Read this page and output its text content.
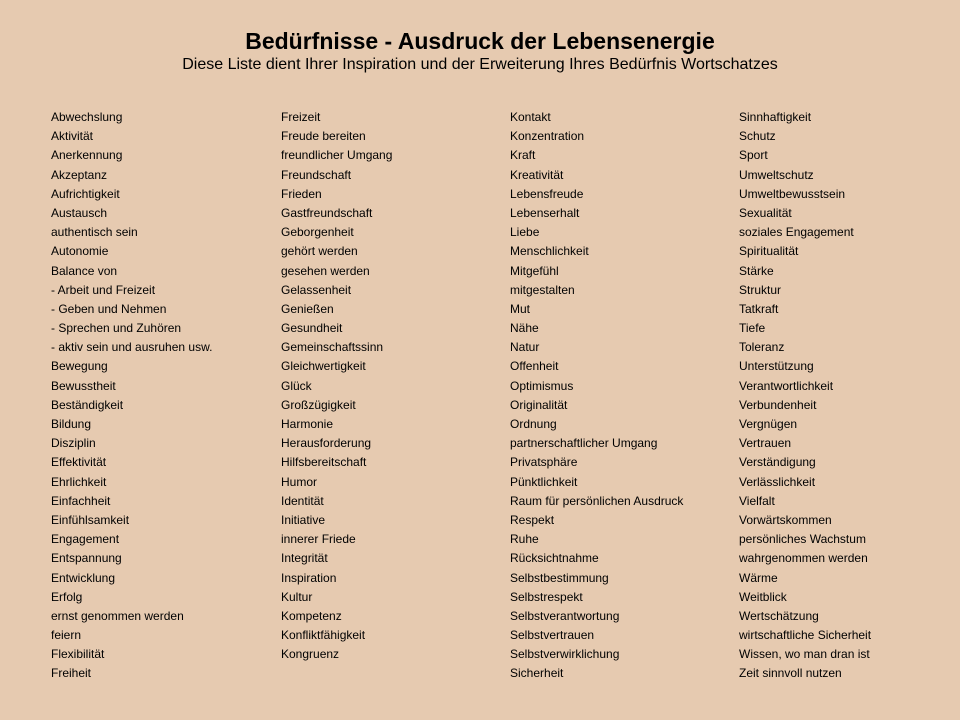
Bedürfnisse - Ausdruck der Lebensenergie

Diese Liste dient Ihrer Inspiration und der Erweiterung Ihres Bedürfnis Wortschatzes

Abwechslung
Aktivität
Anerkennung
Akzeptanz
Aufrichtigkeit
Austausch
authentisch sein
Autonomie
Balance von
- Arbeit und Freizeit
- Geben und Nehmen
- Sprechen und Zuhören
- aktiv sein und ausruhen usw.
Bewegung
Bewusstheit
Beständigkeit
Bildung
Disziplin
Effektivität
Ehrlichkeit
Einfachheit
Einfühlsamkeit
Engagement
Entspannung
Entwicklung
Erfolg
ernst genommen werden
feiern
Flexibilität
Freiheit
Freizeit
Freude bereiten
freundlicher Umgang
Freundschaft
Frieden
Gastfreundschaft
Geborgenheit
gehört werden
gesehen werden
Gelassenheit
Genießen
Gesundheit
Gemeinschaftssinn
Gleichwertigkeit
Glück
Großzügigkeit
Harmonie
Herausforderung
Hilfsbereitschaft
Humor
Identität
Initiative
innerer Friede
Integrität
Inspiration
Kultur
Kompetenz
Konfliktfähigkeit
Kongruenz
Kontakt
Konzentration
Kraft
Kreativität
Lebensfreude
Lebenserhalt
Liebe
Menschlichkeit
Mitgefühl
mitgestalten
Mut
Nähe
Natur
Offenheit
Optimismus
Originalität
Ordnung
partnerschaftlicher Umgang
Privatsphäre
Pünktlichkeit
Raum für persönlichen Ausdruck
Respekt
Ruhe
Rücksichtnahme
Selbstbestimmung
Selbstrespekt
Selbstverantwortung
Selbstvertrauen
Selbstverwirklichung
Sicherheit
Sinnhaftigkeit
Schutz
Sport
Umweltschutz
Umweltbewusstsein
Sexualität
soziales Engagement
Spiritualität
Stärke
Struktur
Tatkraft
Tiefe
Toleranz
Unterstützung
Verantwortlichkeit
Verbundenheit
Vergnügen
Vertrauen
Verständigung
Verlässlichkeit
Vielfalt
Vorwärtskommen
persönliches Wachstum
wahrgenommen werden
Wärme
Weitblick
Wertschätzung
wirtschaftliche Sicherheit
Wissen, wo man dran ist
Zeit sinnvoll nutzen
